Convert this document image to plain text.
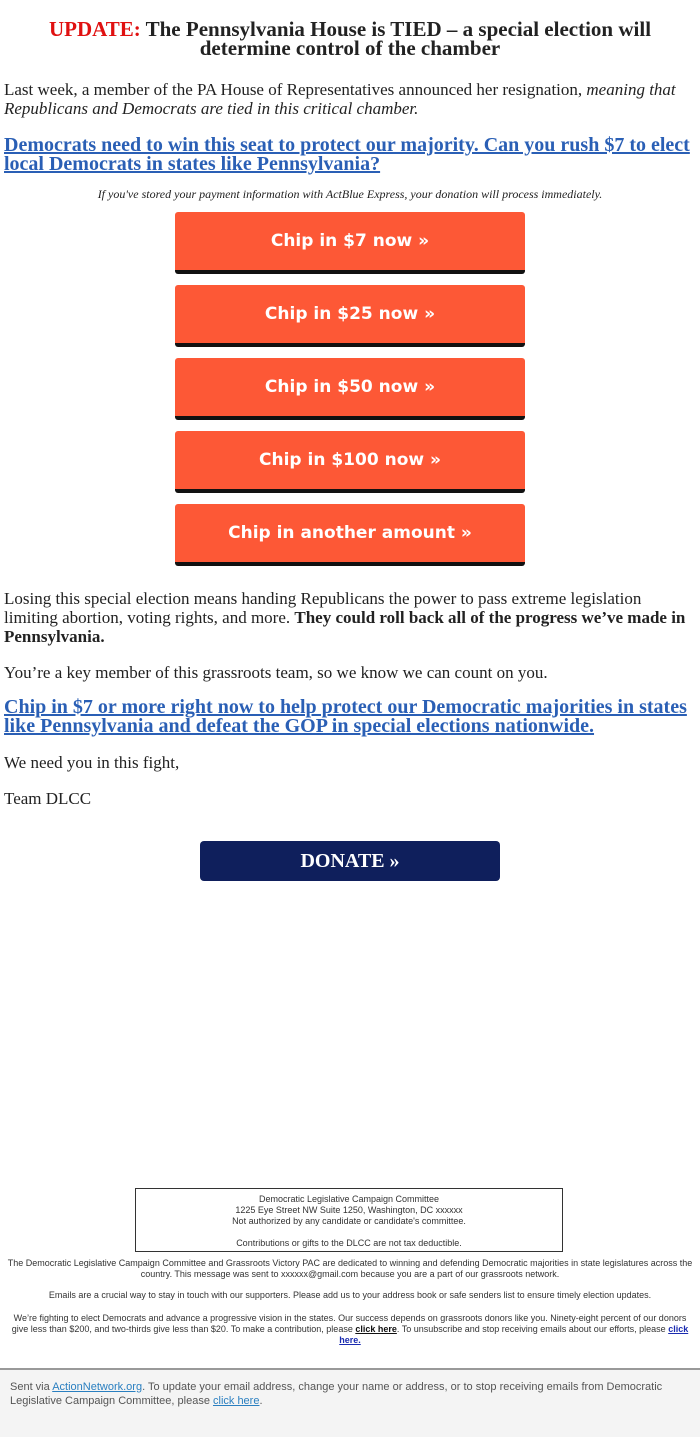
UPDATE: The Pennsylvania House is TIED – a special election will determine control of the chamber

Last week, a member of the PA House of Representatives announced her resignation, meaning that Republicans and Democrats are tied in this critical chamber.

Democrats need to win this seat to protect our majority. Can you rush $7 to elect local Democrats in states like Pennsylvania?

If you've stored your payment information with ActBlue Express, your donation will process immediately.

Chip in $7 now »
Chip in $25 now »
Chip in $50 now »
Chip in $100 now »
Chip in another amount »

Losing this special election means handing Republicans the power to pass extreme legislation limiting abortion, voting rights, and more. They could roll back all of the progress we’ve made in Pennsylvania.

You’re a key member of this grassroots team, so we know we can count on you.

Chip in $7 or more right now to help protect our Democratic majorities in states like Pennsylvania and defeat the GOP in special elections nationwide.

We need you in this fight,

Team DLCC

DONATE »
Democratic Legislative Campaign Committee
1225 Eye Street NW Suite 1250, Washington, DC xxxxxx
Not authorized by any candidate or candidate's committee.
Contributions or gifts to the DLCC are not tax deductible.

The Democratic Legislative Campaign Committee and Grassroots Victory PAC are dedicated to winning and defending Democratic majorities in state legislatures across the country. This message was sent to xxxxxx@gmail.com because you are a part of our grassroots network.

Emails are a crucial way to stay in touch with our supporters. Please add us to your address book or safe senders list to ensure timely election updates.

We’re fighting to elect Democrats and advance a progressive vision in the states. Our success depends on grassroots donors like you. Ninety-eight percent of our donors give less than $200, and two-thirds give less than $20. To make a contribution, please click here. To unsubscribe and stop receiving emails about our efforts, please click here.

Sent via ActionNetwork.org. To update your email address, change your name or address, or to stop receiving emails from Democratic Legislative Campaign Committee, please click here.
